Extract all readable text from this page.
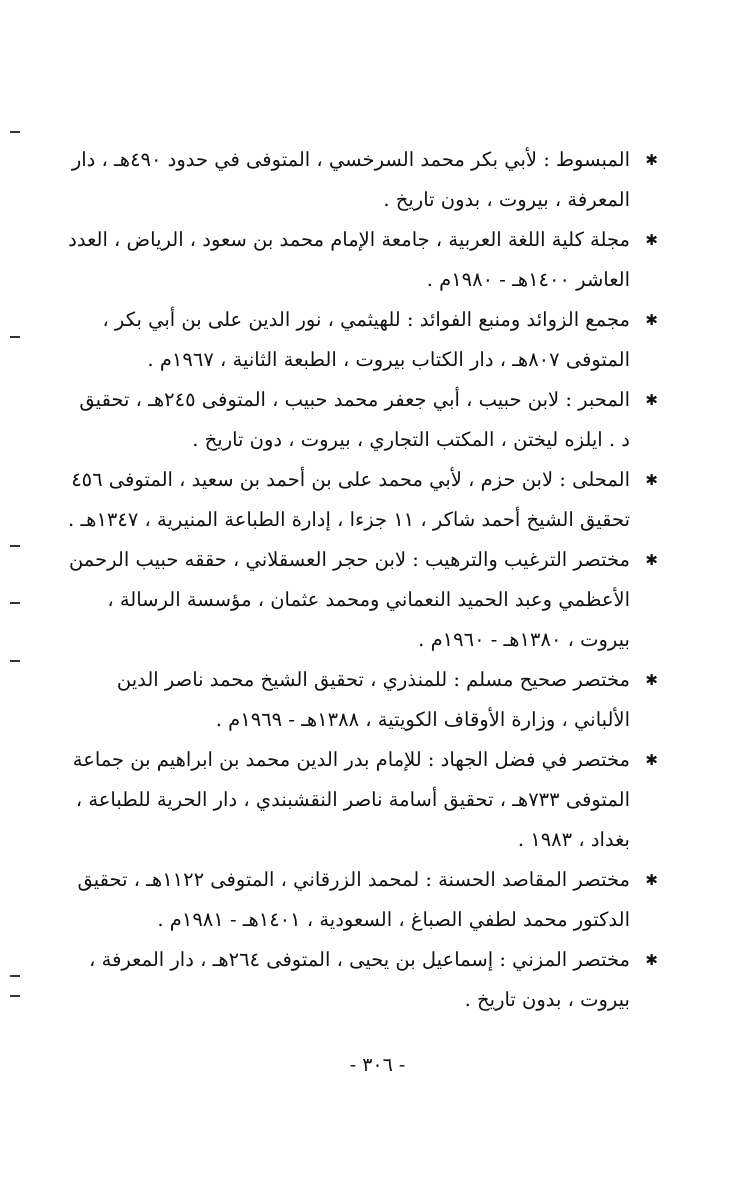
✱
المبسوط : لأبي بكر محمد السرخسي ، المتوفى في حدود ٤٩٠هـ ، دار
المعرفة ، بيروت ، بدون تاريخ .
✱
مجلة كلية اللغة العربية ، جامعة الإمام محمد بن سعود ، الرياض ، العدد
العاشر ١٤٠٠هـ - ١٩٨٠م .
✱
مجمع الزوائد ومنبع الفوائد : للهيثمي ، نور الدين على بن أبي بكر ،
المتوفى ٨٠٧هـ ، دار الكتاب بيروت ، الطبعة الثانية ، ١٩٦٧م .
✱
المحبر : لابن حبيب ، أبي جعفر محمد حبيب ، المتوفى ٢٤٥هـ ، تحقيق
د . ايلزه ليختن ، المكتب التجاري ، بيروت ، دون تاريخ .
✱
المحلى : لابن حزم ، لأبي محمد على بن أحمد بن سعيد ، المتوفى ٤٥٦
تحقيق الشيخ أحمد شاكر ، ١١ جزءا ، إدارة الطباعة المنيرية ، ١٣٤٧هـ .
✱
مختصر الترغيب والترهيب : لابن حجر العسقلاني ، حققه حبيب الرحمن
الأعظمي وعبد الحميد النعماني ومحمد عثمان ، مؤسسة الرسالة ،
بيروت ، ١٣٨٠هـ - ١٩٦٠م .
✱
مختصر صحيح مسلم : للمنذري ، تحقيق الشيخ محمد ناصر الدين
الألباني ، وزارة الأوقاف الكويتية ، ١٣٨٨هـ - ١٩٦٩م .
✱
مختصر في فضل الجهاد : للإمام بدر الدين محمد بن ابراهيم بن جماعة
المتوفى ٧٣٣هـ ، تحقيق أسامة ناصر النقشبندي ، دار الحرية للطباعة ،
بغداد ، ١٩٨٣ .
✱
مختصر المقاصد الحسنة : لمحمد الزرقاني ، المتوفى ١١٢٢هـ ، تحقيق
الدكتور محمد لطفي الصباغ ، السعودية ، ١٤٠١هـ - ١٩٨١م .
✱
مختصر المزني : إسماعيل بن يحيى ، المتوفى ٢٦٤هـ ، دار المعرفة ،
بيروت ، بدون تاريخ .
- ٣٠٦ -
